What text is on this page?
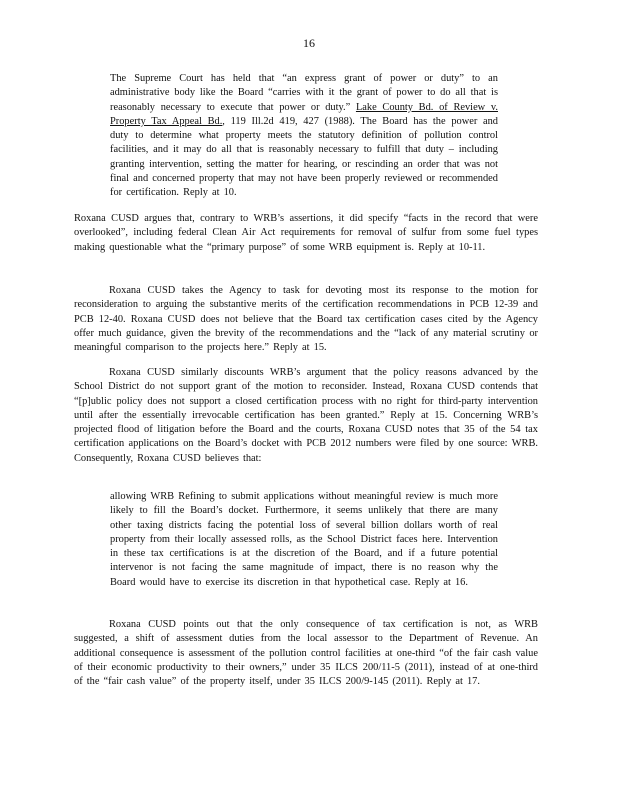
16

The Supreme Court has held that “an express grant of power or duty” to an administrative body like the Board “carries with it the grant of power to do all that is reasonably necessary to execute that power or duty.” Lake County Bd. of Review v. Property Tax Appeal Bd., 119 Ill.2d 419, 427 (1988). The Board has the power and duty to determine what property meets the statutory definition of pollution control facilities, and it may do all that is reasonably necessary to fulfill that duty – including granting intervention, setting the matter for hearing, or rescinding an order that was not final and concerned property that may not have been properly reviewed or recommended for certification. Reply at 10.

Roxana CUSD argues that, contrary to WRB’s assertions, it did specify “facts in the record that were overlooked”, including federal Clean Air Act requirements for removal of sulfur from some fuel types making questionable what the “primary purpose” of some WRB equipment is. Reply at 10-11.

Roxana CUSD takes the Agency to task for devoting most its response to the motion for reconsideration to arguing the substantive merits of the certification recommendations in PCB 12-39 and PCB 12-40. Roxana CUSD does not believe that the Board tax certification cases cited by the Agency offer much guidance, given the brevity of the recommendations and the “lack of any material scrutiny or meaningful comparison to the projects here.” Reply at 15.

Roxana CUSD similarly discounts WRB’s argument that the policy reasons advanced by the School District do not support grant of the motion to reconsider. Instead, Roxana CUSD contends that “[p]ublic policy does not support a closed certification process with no right for third-party intervention until after the essentially irrevocable certification has been granted.” Reply at 15. Concerning WRB’s projected flood of litigation before the Board and the courts, Roxana CUSD notes that 35 of the 54 tax certification applications on the Board’s docket with PCB 2012 numbers were filed by one source: WRB. Consequently, Roxana CUSD believes that:

allowing WRB Refining to submit applications without meaningful review is much more likely to fill the Board’s docket. Furthermore, it seems unlikely that there are many other taxing districts facing the potential loss of several billion dollars worth of real property from their locally assessed rolls, as the School District faces here. Intervention in these tax certifications is at the discretion of the Board, and if a future potential intervenor is not facing the same magnitude of impact, there is no reason why the Board would have to exercise its discretion in that hypothetical case. Reply at 16.

Roxana CUSD points out that the only consequence of tax certification is not, as WRB suggested, a shift of assessment duties from the local assessor to the Department of Revenue. An additional consequence is assessment of the pollution control facilities at one-third “of the fair cash value of their economic productivity to their owners,” under 35 ILCS 200/11-5 (2011), instead of at one-third of the “fair cash value” of the property itself, under 35 ILCS 200/9-145 (2011). Reply at 17.
